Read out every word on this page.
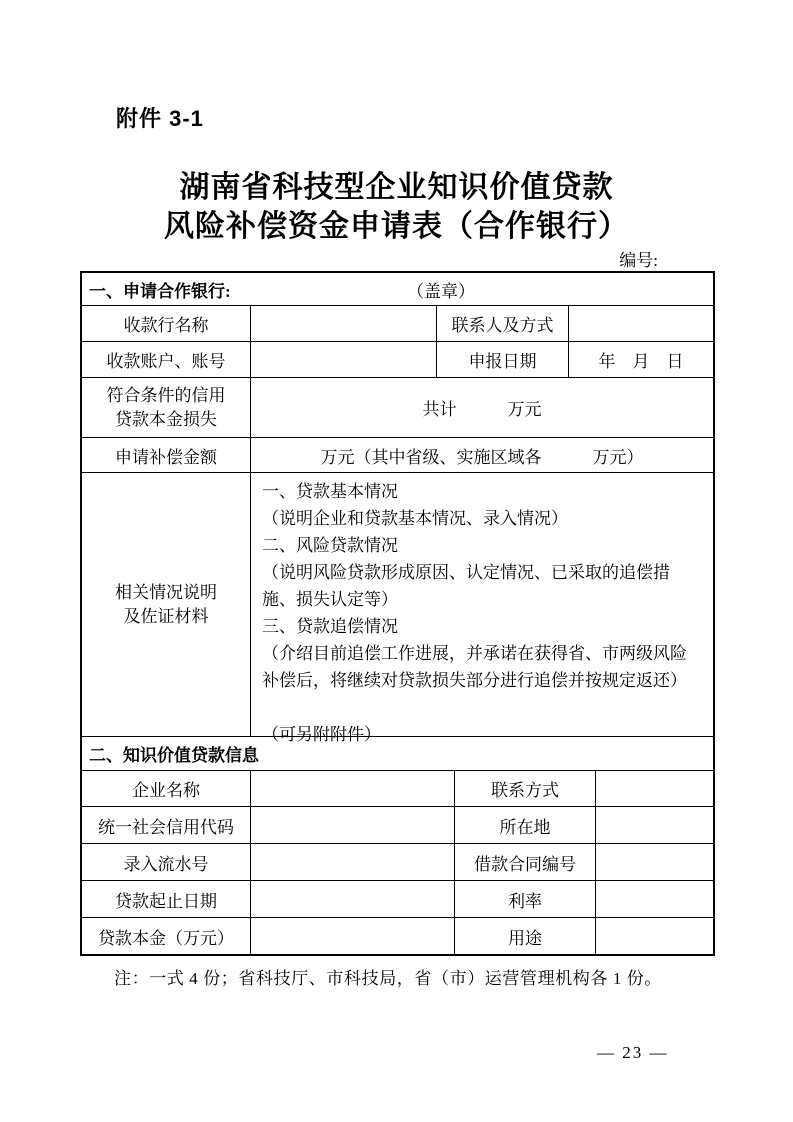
附件 3-1
湖南省科技型企业知识价值贷款
风险补偿资金申请表（合作银行）
编号:
一、申请合作银行:	（盖章）
收款行名称	联系人及方式
收款账户、账号	申报日期	年　月　日
符合条件的信用
贷款本金损失	共计　　　万元
申请补偿金额	万元（其中省级、实施区域各　　　万元）
相关情况说明
及佐证材料
一、贷款基本情况
（说明企业和贷款基本情况、录入情况）
二、风险贷款情况
（说明风险贷款形成原因、认定情况、已采取的追偿措施、损失认定等）
三、贷款追偿情况
（介绍目前追偿工作进展，并承诺在获得省、市两级风险补偿后，将继续对贷款损失部分进行追偿并按规定返还）
（可另附附件）
二、知识价值贷款信息
企业名称	联系方式
统一社会信用代码	所在地
录入流水号	借款合同编号
贷款起止日期	利率
贷款本金（万元）	用途
注：一式 4 份；省科技厅、市科技局，省（市）运营管理机构各 1 份。
— 23 —
